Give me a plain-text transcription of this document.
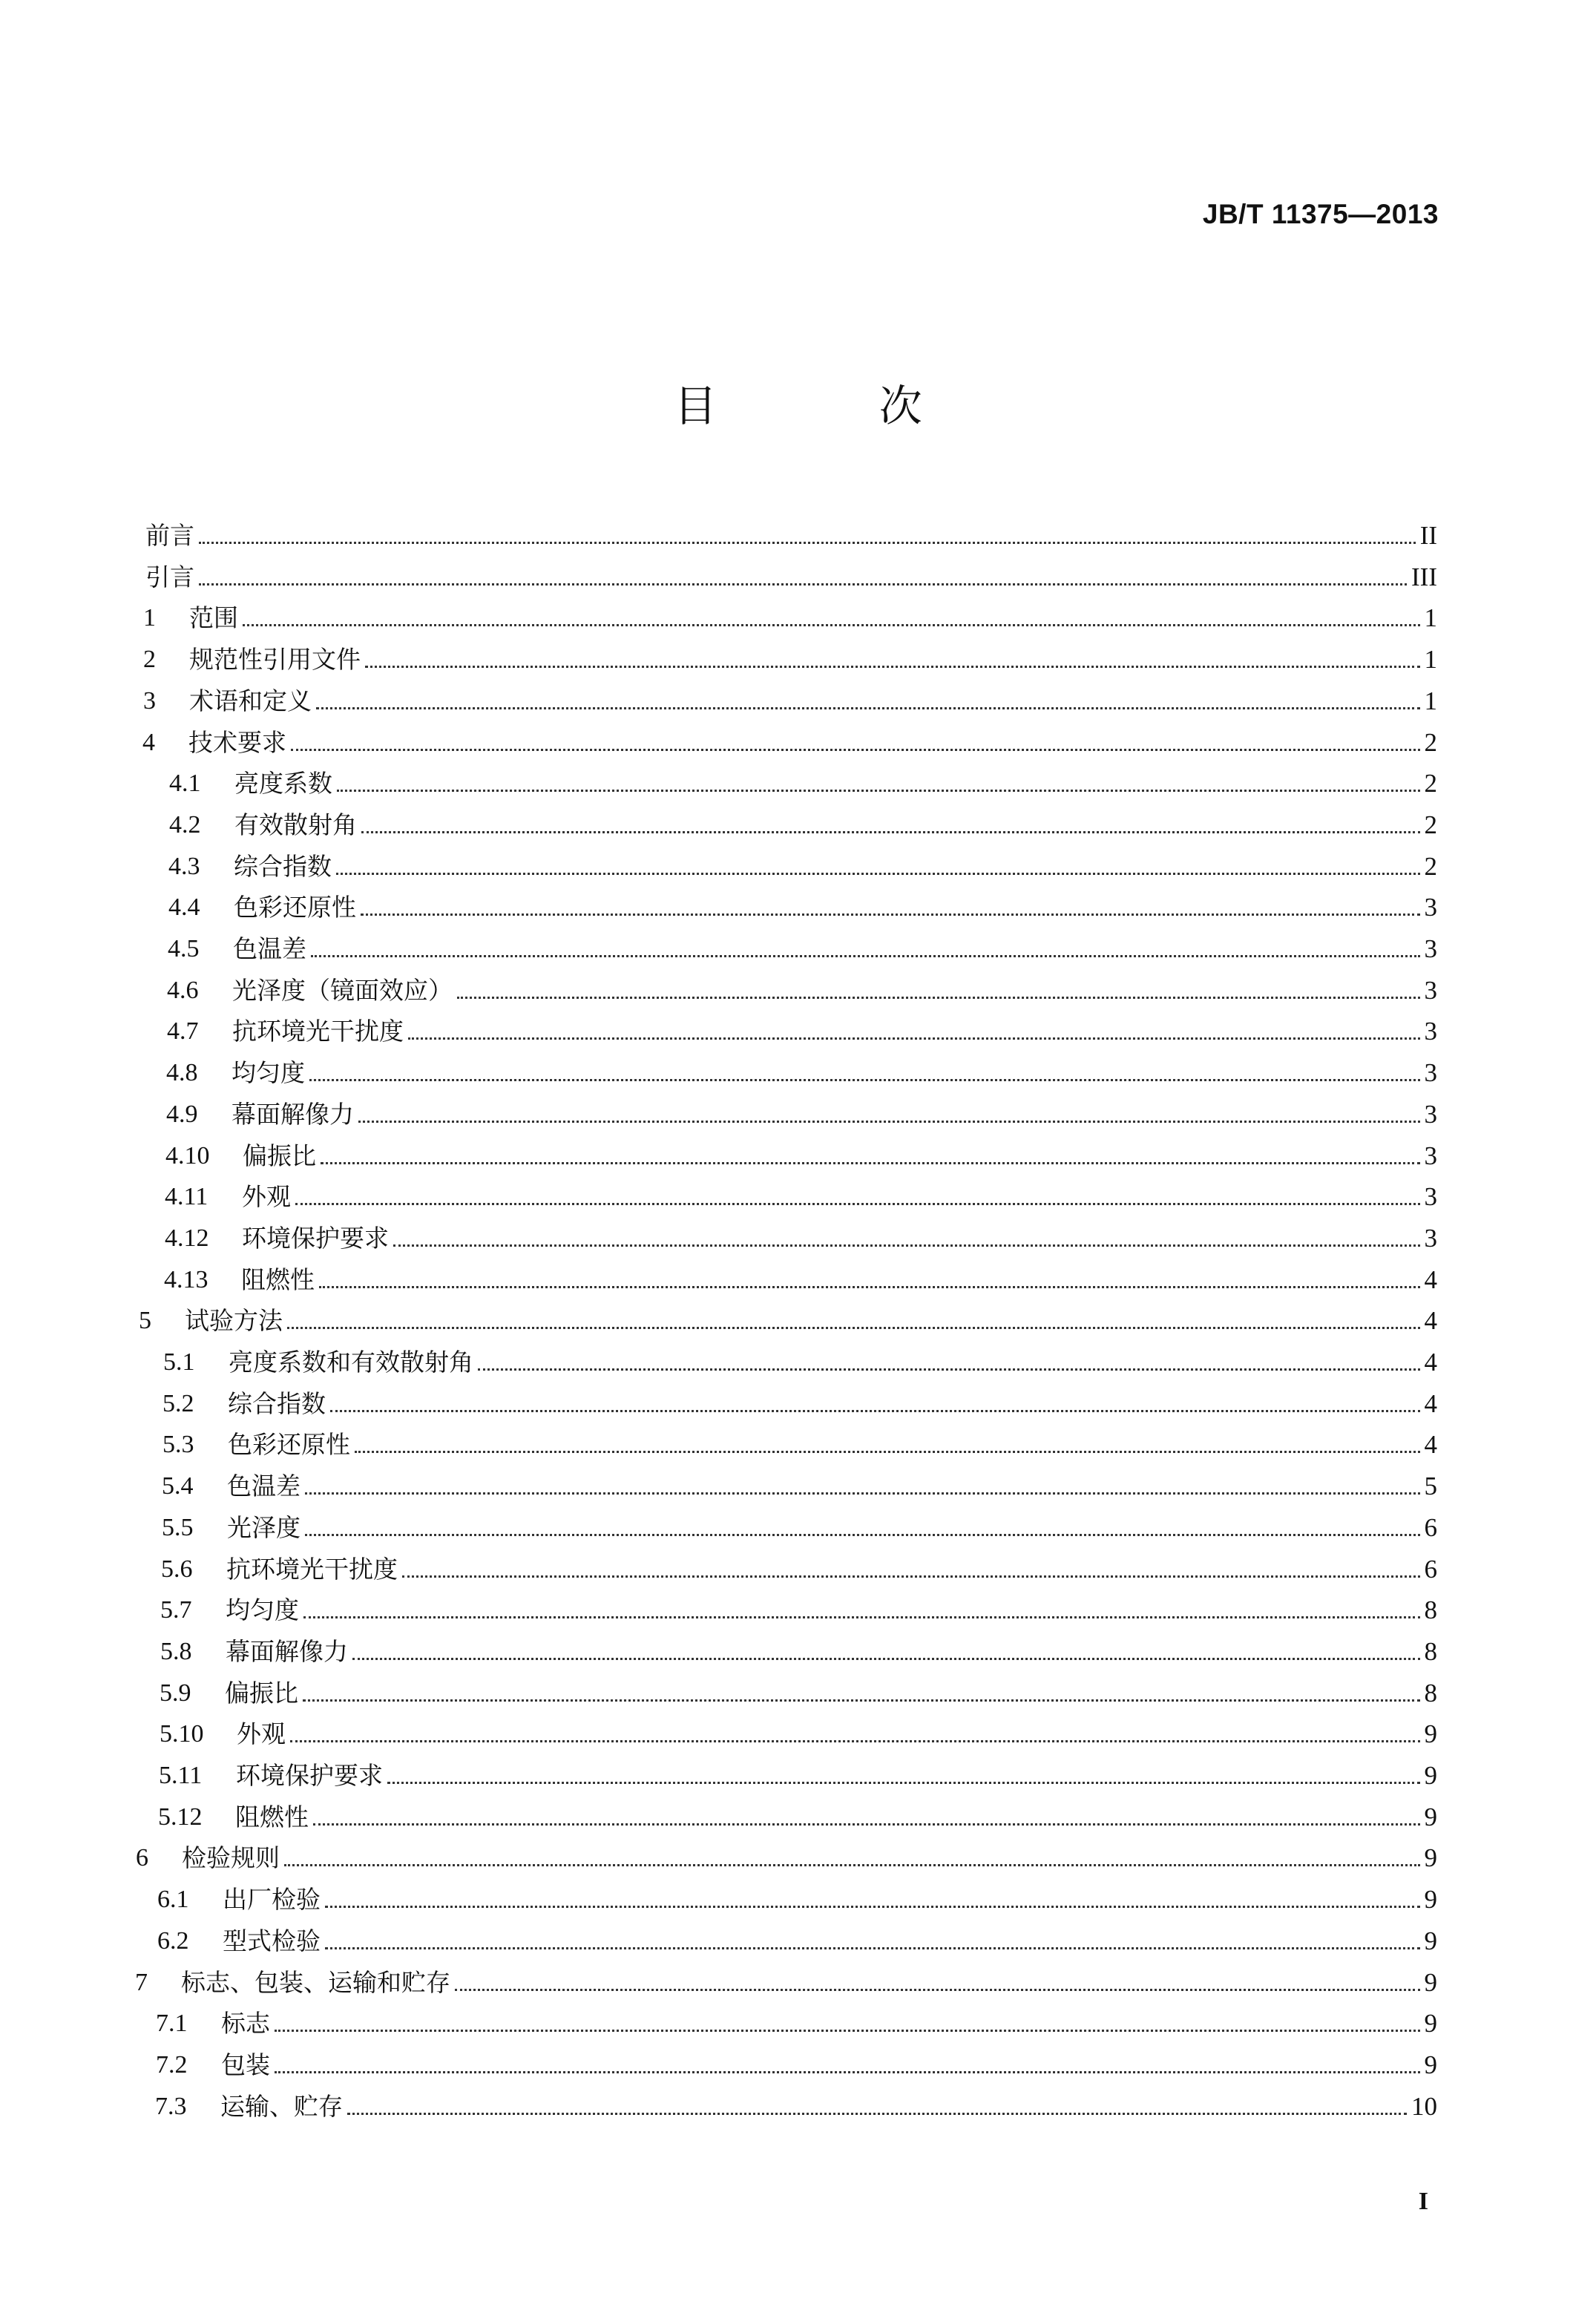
JB/T 11375—2013
目 次
前言	II
引言	III
1	范围	1
2	规范性引用文件	1
3	术语和定义	1
4	技术要求	2
4.1	亮度系数	2
4.2	有效散射角	2
4.3	综合指数	2
4.4	色彩还原性	3
4.5	色温差	3
4.6	光泽度（镜面效应）	3
4.7	抗环境光干扰度	3
4.8	均匀度	3
4.9	幕面解像力	3
4.10	偏振比	3
4.11	外观	3
4.12	环境保护要求	3
4.13	阻燃性	4
5	试验方法	4
5.1	亮度系数和有效散射角	4
5.2	综合指数	4
5.3	色彩还原性	4
5.4	色温差	5
5.5	光泽度	6
5.6	抗环境光干扰度	6
5.7	均匀度	8
5.8	幕面解像力	8
5.9	偏振比	8
5.10	外观	9
5.11	环境保护要求	9
5.12	阻燃性	9
6	检验规则	9
6.1	出厂检验	9
6.2	型式检验	9
7	标志、包装、运输和贮存	9
7.1	标志	9
7.2	包装	9
7.3	运输、贮存	10
I
